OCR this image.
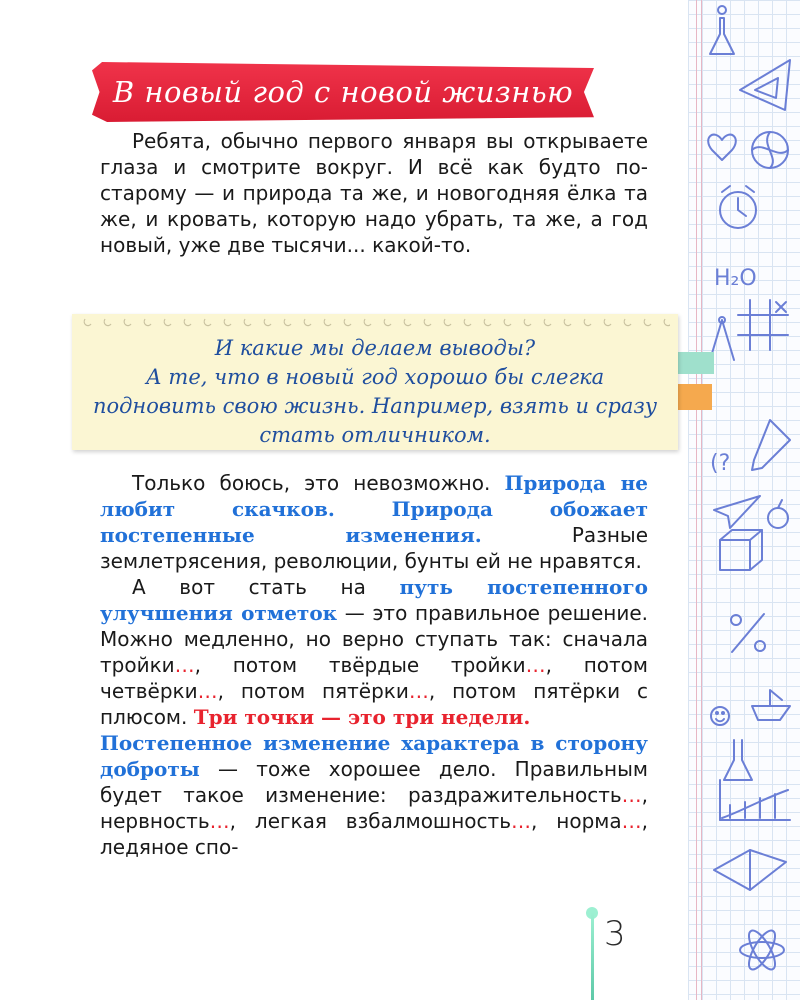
H₂O
(?
В новый год с новой жизнью

Ребята, обычно первого января вы открываете глаза и смотрите вокруг. И всё как будто по-старому — и природа та же, и новогодняя ёлка та же, и кровать, которую надо убрать, та же, а год новый, уже две тысячи... какой-то.

И какие мы делаем выводы?
А те, что в новый год хорошо бы слегка подновить свою жизнь. Например, взять и сразу стать отличником.

Только боюсь, это невозможно. Природа не любит скачков. Природа обожает постепенные изменения. Разные землетрясения, революции, бунты ей не нравятся.
А вот стать на путь постепенного улучшения отметок — это правильное решение. Можно медленно, но верно ступать так: сначала тройки…, потом твёрдые тройки…, потом четвёрки…, потом пятёрки…, потом пятёрки с плюсом. Три точки — это три недели.
Постепенное изменение характера в сторону доброты — тоже хорошее дело. Правильным будет такое изменение: раздражительность…, нервность…, легкая взбалмошность…, норма…, ледяное спо-

3
